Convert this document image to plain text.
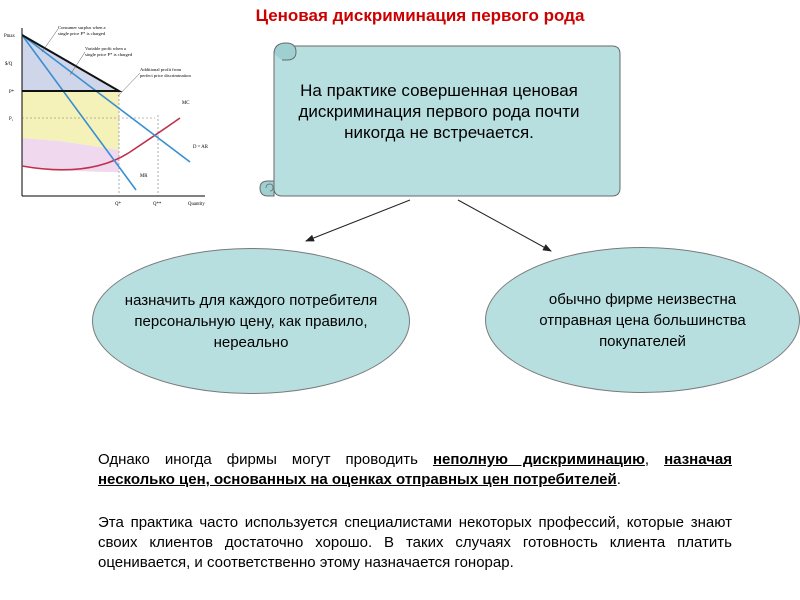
Ценовая дискриминация первого рода
Consumer surplus when a
single price P* is charged
Variable profit when a
single price P* is charged
Additional profit from
perfect price discrimination
Pmax
$/Q
P*
P₁
Q*	Q**	Quantity
MC
D = AR
MR
На практике совершенная ценовая дискриминация первого рода почти никогда не встречается.
назначить для каждого потребителя персональную цену, как правило, нереально
обычно фирме неизвестна отправная цена большинства покупателей

Однако иногда фирмы могут проводить неполную дискриминацию, назначая несколько цен, основанных на оценках отправных цен потребителей.

Эта практика часто используется специалистами некоторых профессий, которые знают своих клиентов достаточно хорошо. В таких случаях готовность клиента платить оценивается, и соответственно этому назначается гонорар.
